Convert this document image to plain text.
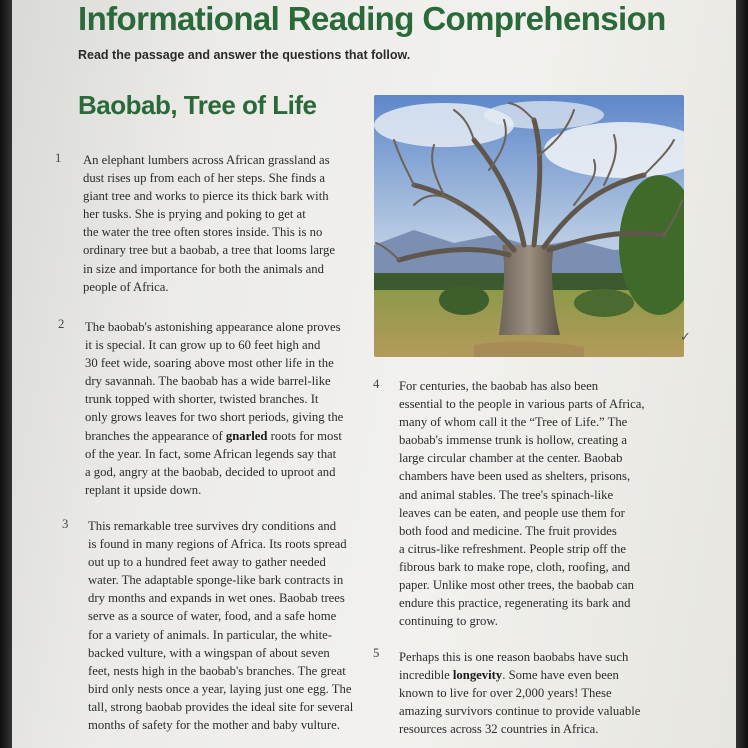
Informational Reading Comprehension
Read the passage and answer the questions that follow.
Baobab, Tree of Life
1 An elephant lumbers across African grassland as
dust rises up from each of her steps. She finds a
giant tree and works to pierce its thick bark with
her tusks. She is prying and poking to get at
the water the tree often stores inside. This is no
ordinary tree but a baobab, a tree that looms large
in size and importance for both the animals and
people of Africa.
2 The baobab's astonishing appearance alone proves
it is special. It can grow up to 60 feet high and
30 feet wide, soaring above most other life in the
dry savannah. The baobab has a wide barrel-like
trunk topped with shorter, twisted branches. It
only grows leaves for two short periods, giving the
branches the appearance of gnarled roots for most
of the year. In fact, some African legends say that
a god, angry at the baobab, decided to uproot and
replant it upside down.
3 This remarkable tree survives dry conditions and
is found in many regions of Africa. Its roots spread
out up to a hundred feet away to gather needed
water. The adaptable sponge-like bark contracts in
dry months and expands in wet ones. Baobab trees
serve as a source of water, food, and a safe home
for a variety of animals. In particular, the white-
backed vulture, with a wingspan of about seven
feet, nests high in the baobab's branches. The great
bird only nests once a year, laying just one egg. The
tall, strong baobab provides the ideal site for several
months of safety for the mother and baby vulture.
4 For centuries, the baobab has also been
essential to the people in various parts of Africa,
many of whom call it the “Tree of Life.” The
baobab's immense trunk is hollow, creating a
large circular chamber at the center. Baobab
chambers have been used as shelters, prisons,
and animal stables. The tree's spinach-like
leaves can be eaten, and people use them for
both food and medicine. The fruit provides
a citrus-like refreshment. People strip off the
fibrous bark to make rope, cloth, roofing, and
paper. Unlike most other trees, the baobab can
endure this practice, regenerating its bark and
continuing to grow.
5 Perhaps this is one reason baobabs have such
incredible longevity. Some have even been
known to live for over 2,000 years! These
amazing survivors continue to provide valuable
resources across 32 countries in Africa.
✓
